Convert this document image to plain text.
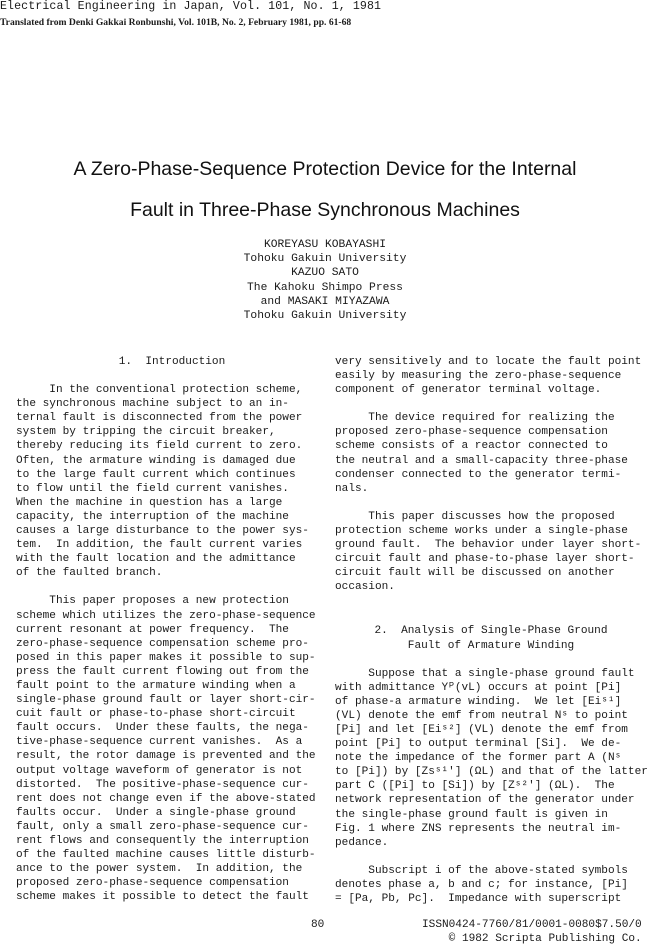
Electrical Engineering in Japan, Vol. 101, No. 1, 1981
Translated from Denki Gakkai Ronbunshi, Vol. 101B, No. 2, February 1981, pp. 61-68
A Zero-Phase-Sequence Protection Device for the Internal
Fault in Three-Phase Synchronous Machines
KOREYASU KOBAYASHI
Tohoku Gakuin University
KAZUO SATO
The Kahoku Shimpo Press
and MASAKI MIYAZAWA
Tohoku Gakuin University

1.  Introduction

In the conventional protection scheme,

the synchronous machine subject to an in-

ternal fault is disconnected from the power

system by tripping the circuit breaker,

thereby reducing its field current to zero.

Often, the armature winding is damaged due

to the large fault current which continues

to flow until the field current vanishes.

When the machine in question has a large

capacity, the interruption of the machine

causes a large disturbance to the power sys-

tem.  In addition, the fault current varies

with the fault location and the admittance

of the faulted branch.

This paper proposes a new protection

scheme which utilizes the zero-phase-sequence

current resonant at power frequency.  The

zero-phase-sequence compensation scheme pro-

posed in this paper makes it possible to sup-

press the fault current flowing out from the

fault point to the armature winding when a

single-phase ground fault or layer short-cir-

cuit fault or phase-to-phase short-circuit

fault occurs.  Under these faults, the nega-

tive-phase-sequence current vanishes.  As a

result, the rotor damage is prevented and the

output voltage waveform of generator is not

distorted.  The positive-phase-sequence cur-

rent does not change even if the above-stated

faults occur.  Under a single-phase ground

fault, only a small zero-phase-sequence cur-

rent flows and consequently the interruption

of the faulted machine causes little disturb-

ance to the power system.  In addition, the

proposed zero-phase-sequence compensation

scheme makes it possible to detect the fault

very sensitively and to locate the fault point

easily by measuring the zero-phase-sequence

component of generator terminal voltage.

The device required for realizing the

proposed zero-phase-sequence compensation

scheme consists of a reactor connected to

the neutral and a small-capacity three-phase

condenser connected to the generator termi-

nals.

This paper discusses how the proposed

protection scheme works under a single-phase

ground fault.  The behavior under layer short-

circuit fault and phase-to-phase layer short-

circuit fault will be discussed on another

occasion.

2.  Analysis of Single-Phase Ground

Fault of Armature Winding

Suppose that a single-phase ground fault

with admittance Yᴾ(vL) occurs at point [Pi]

of phase-a armature winding.  We let [Eiˢ¹]

(VL) denote the emf from neutral Nˢ to point

[Pi] and let [Eiˢ²] (VL) denote the emf from

point [Pi] to output terminal [Si].  We de-

note the impedance of the former part A (Nˢ

to [Pi]) by [Zsˢ¹'] (ΩL) and that of the latter

part C ([Pi] to [Si]) by [Zˢ²'] (ΩL).  The

network representation of the generator under

the single-phase ground fault is given in

Fig. 1 where ZNS represents the neutral im-

pedance.

Subscript i of the above-stated symbols

denotes phase a, b and c; for instance, [Pi]

= [Pa, Pb, Pc].  Impedance with superscript

80	ISSN0424-7760/81/0001-0080$7.50/0
© 1982 Scripta Publishing Co.
